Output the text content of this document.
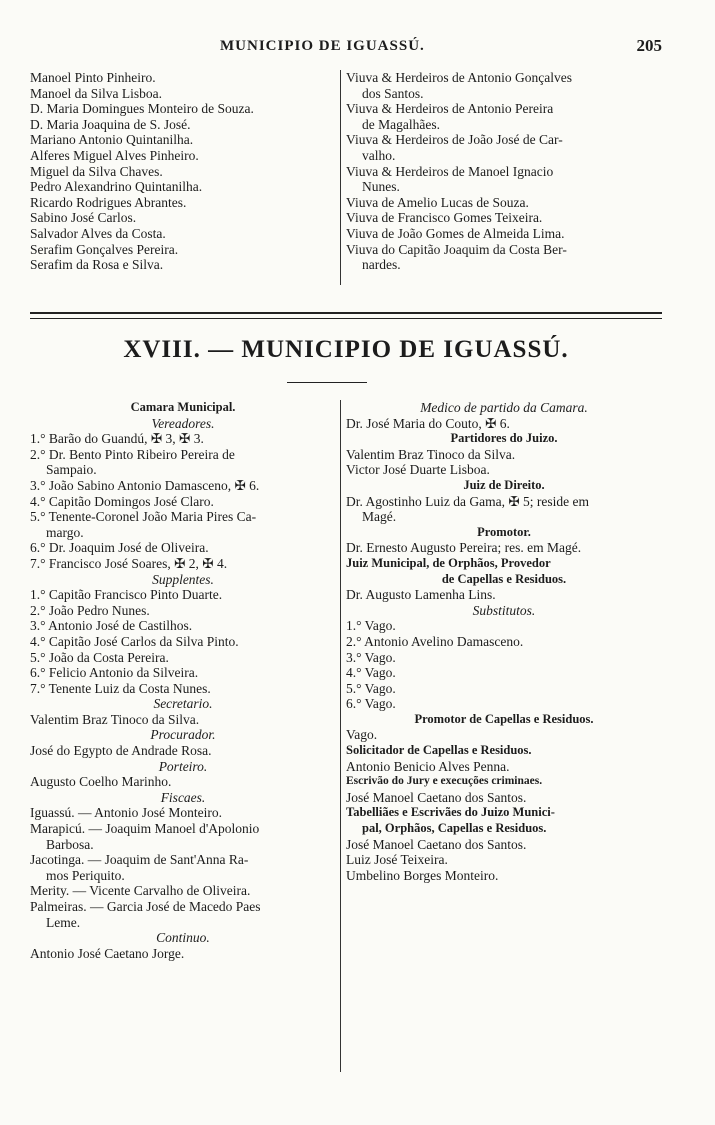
MUNICIPIO DE IGUASSÚ.	205
Manoel Pinto Pinheiro.
Manoel da Silva Lisboa.
D. Maria Domingues Monteiro de Souza.
D. Maria Joaquina de S. José.
Mariano Antonio Quintanilha.
Alferes Miguel Alves Pinheiro.
Miguel da Silva Chaves.
Pedro Alexandrino Quintanilha.
Ricardo Rodrigues Abrantes.
Sabino José Carlos.
Salvador Alves da Costa.
Serafim Gonçalves Pereira.
Serafim da Rosa e Silva.
Viuva & Herdeiros de Antonio Gonçalves
dos Santos.
Viuva & Herdeiros de Antonio Pereira
de Magalhães.
Viuva & Herdeiros de João José de Car-
valho.
Viuva & Herdeiros de Manoel Ignacio
Nunes.
Viuva de Amelio Lucas de Souza.
Viuva de Francisco Gomes Teixeira.
Viuva de João Gomes de Almeida Lima.
Viuva do Capitão Joaquim da Costa Ber-
nardes.
XVIII. — MUNICIPIO DE IGUASSÚ.
Camara Municipal.
Vereadores.
1.° Barão do Guandú, ✠ 3, ✠ 3.
2.° Dr. Bento Pinto Ribeiro Pereira de
Sampaio.
3.° João Sabino Antonio Damasceno, ✠ 6.
4.° Capitão Domingos José Claro.
5.° Tenente-Coronel João Maria Pires Ca-
margo.
6.° Dr. Joaquim José de Oliveira.
7.° Francisco José Soares, ✠ 2, ✠ 4.
Supplentes.
1.° Capitão Francisco Pinto Duarte.
2.° João Pedro Nunes.
3.° Antonio José de Castilhos.
4.° Capitão José Carlos da Silva Pinto.
5.° João da Costa Pereira.
6.° Felicio Antonio da Silveira.
7.° Tenente Luiz da Costa Nunes.
Secretario.
Valentim Braz Tinoco da Silva.
Procurador.
José do Egypto de Andrade Rosa.
Porteiro.
Augusto Coelho Marinho.
Fiscaes.
Iguassú. — Antonio José Monteiro.
Marapicú. — Joaquim Manoel d'Apolonio
Barbosa.
Jacotinga. — Joaquim de Sant'Anna Ra-
mos Periquito.
Merity. — Vicente Carvalho de Oliveira.
Palmeiras. — Garcia José de Macedo Paes
Leme.
Continuo.
Antonio José Caetano Jorge.
Medico de partido da Camara.
Dr. José Maria do Couto, ✠ 6.
Partidores do Juizo.
Valentim Braz Tinoco da Silva.
Victor José Duarte Lisboa.
Juiz de Direito.
Dr. Agostinho Luiz da Gama, ✠ 5; reside em
Magé.
Promotor.
Dr. Ernesto Augusto Pereira; res. em Magé.
Juiz Municipal, de Orphãos, Provedor
de Capellas e Residuos.
Dr. Augusto Lamenha Lins.
Substitutos.
1.° Vago.
2.° Antonio Avelino Damasceno.
3.° Vago.
4.° Vago.
5.° Vago.
6.° Vago.
Promotor de Capellas e Residuos.
Vago.
Solicitador de Capellas e Residuos.
Antonio Benicio Alves Penna.
Escrivão do Jury e execuções criminaes.
José Manoel Caetano dos Santos.
Tabelliães e Escrivães do Juizo Munici-
pal, Orphãos, Capellas e Residuos.
José Manoel Caetano dos Santos.
Luiz José Teixeira.
Umbelino Borges Monteiro.
